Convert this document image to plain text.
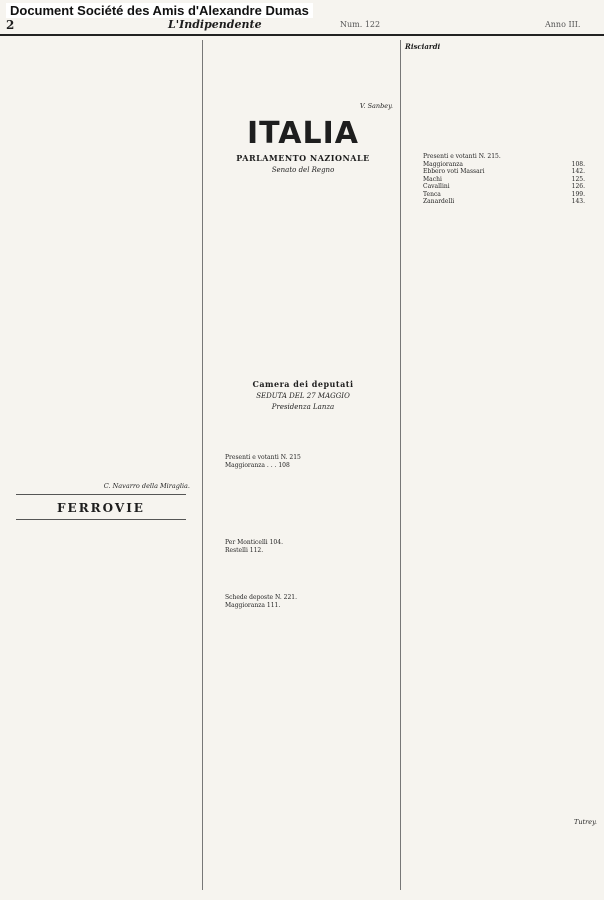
Document Société des Amis d'Alexandre Dumas
2	L'Indipendente	Num. 122	Anno III.

C. Navarro della Miraglia.
FERROVIE
V. Sanbey.
ITALIA
PARLAMENTO NAZIONALE
Senato del Regno
Camera dei deputati
SEDUTA DEL 27 MAGGIO
Presidenza Lanza
Presenti e votanti N. 215
Maggioranza . . . 108
Per Monticelli 104.
Restelli 112.
Schede deposte N. 221.
Maggioranza 111.
Risciardi
Presenti e votanti N. 215.
Maggioranza	108.
Ebbero voti Massari	142.
Machi	125.
Cavallini	126.
Tenca	199.
Zanardelli	143.
Tutrey.
